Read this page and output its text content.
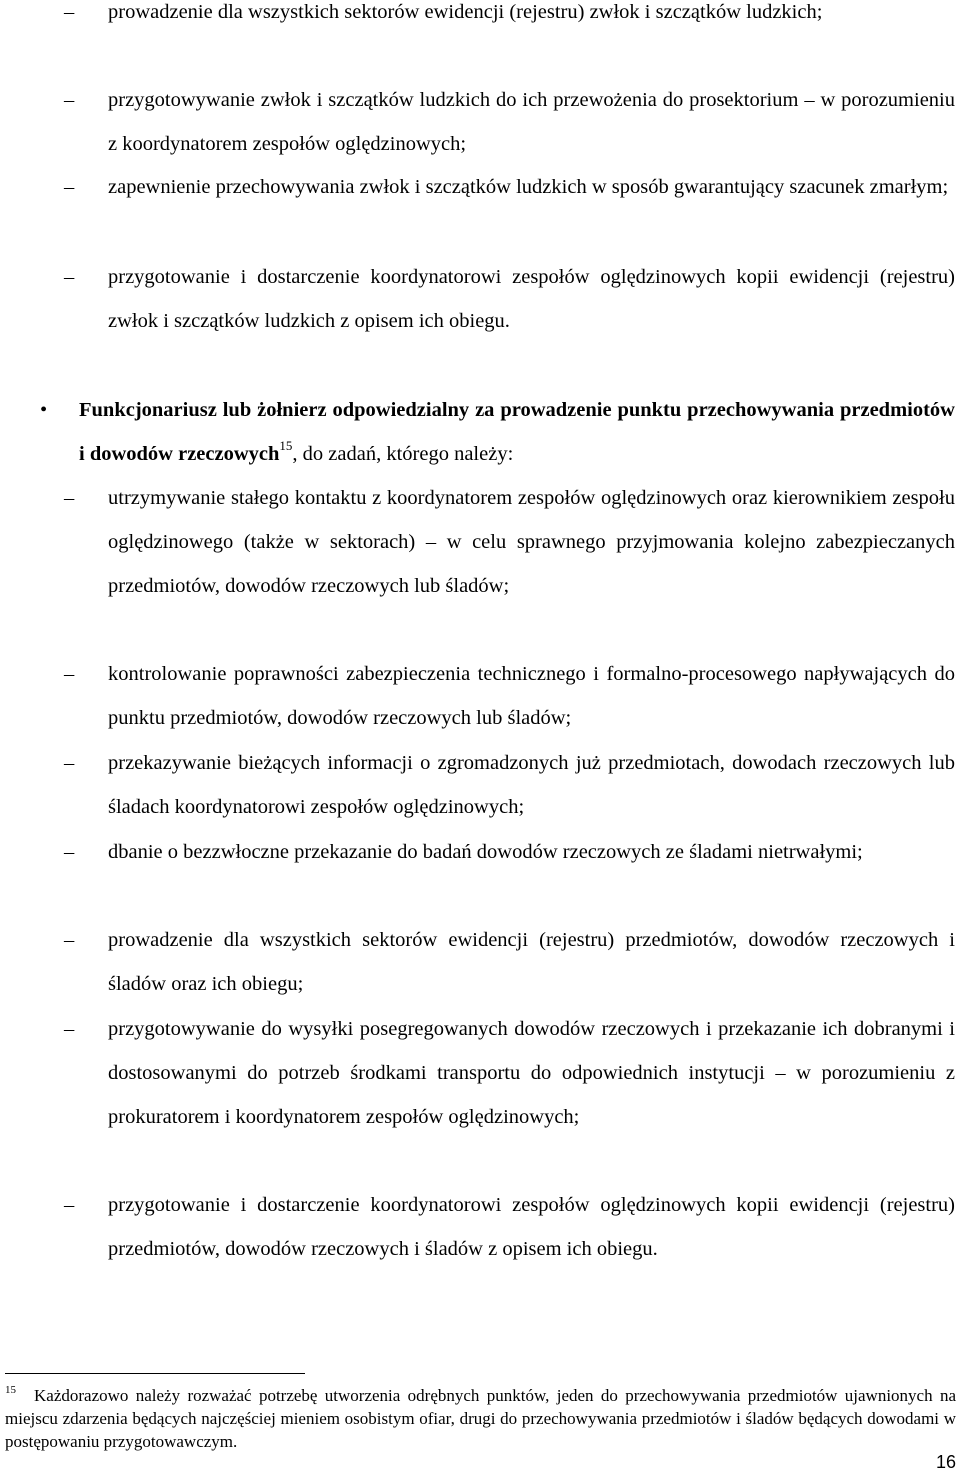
– prowadzenie dla wszystkich sektorów ewidencji (rejestru) zwłok i szczątków ludzkich;
– przygotowywanie zwłok i szczątków ludzkich do ich przewożenia do prosektorium – w porozumieniu z koordynatorem zespołów oględzinowych;
– zapewnienie przechowywania zwłok i szczątków ludzkich w sposób gwarantujący szacunek zmarłym;
– przygotowanie i dostarczenie koordynatorowi zespołów oględzinowych kopii ewidencji (rejestru) zwłok i szczątków ludzkich z opisem ich obiegu.
• Funkcjonariusz lub żołnierz odpowiedzialny za prowadzenie punktu przechowywania przedmiotów i dowodów rzeczowych$^{15}$, do zadań, którego należy:
– utrzymywanie stałego kontaktu z koordynatorem zespołów oględzinowych oraz kierownikiem zespołu oględzinowego (także w sektorach) – w celu sprawnego przyjmowania kolejno zabezpieczanych przedmiotów, dowodów rzeczowych lub śladów;
– kontrolowanie poprawności zabezpieczenia technicznego i formalno-procesowego napływających do punktu przedmiotów, dowodów rzeczowych lub śladów;
– przekazywanie bieżących informacji o zgromadzonych już przedmiotach, dowodach rzeczowych lub śladach koordynatorowi zespołów oględzinowych;
– dbanie o bezzwłoczne przekazanie do badań dowodów rzeczowych ze śladami nietrwałymi;
– prowadzenie dla wszystkich sektorów ewidencji (rejestru) przedmiotów, dowodów rzeczowych i śladów oraz ich obiegu;
– przygotowywanie do wysyłki posegregowanych dowodów rzeczowych i przekazanie ich dobranymi i dostosowanymi do potrzeb środkami transportu do odpowiednich instytucji – w porozumieniu z prokuratorem i koordynatorem zespołów oględzinowych;
– przygotowanie i dostarczenie koordynatorowi zespołów oględzinowych kopii ewidencji (rejestru) przedmiotów, dowodów rzeczowych i śladów z opisem ich obiegu.
$^{15}$ Każdorazowo należy rozważać potrzebę utworzenia odrębnych punktów, jeden do przechowywania przedmiotów ujawnionych na miejscu zdarzenia będących najczęściej mieniem osobistym ofiar, drugi do przechowywania przedmiotów i śladów będących dowodami w postępowaniu przygotowawczym.
16
